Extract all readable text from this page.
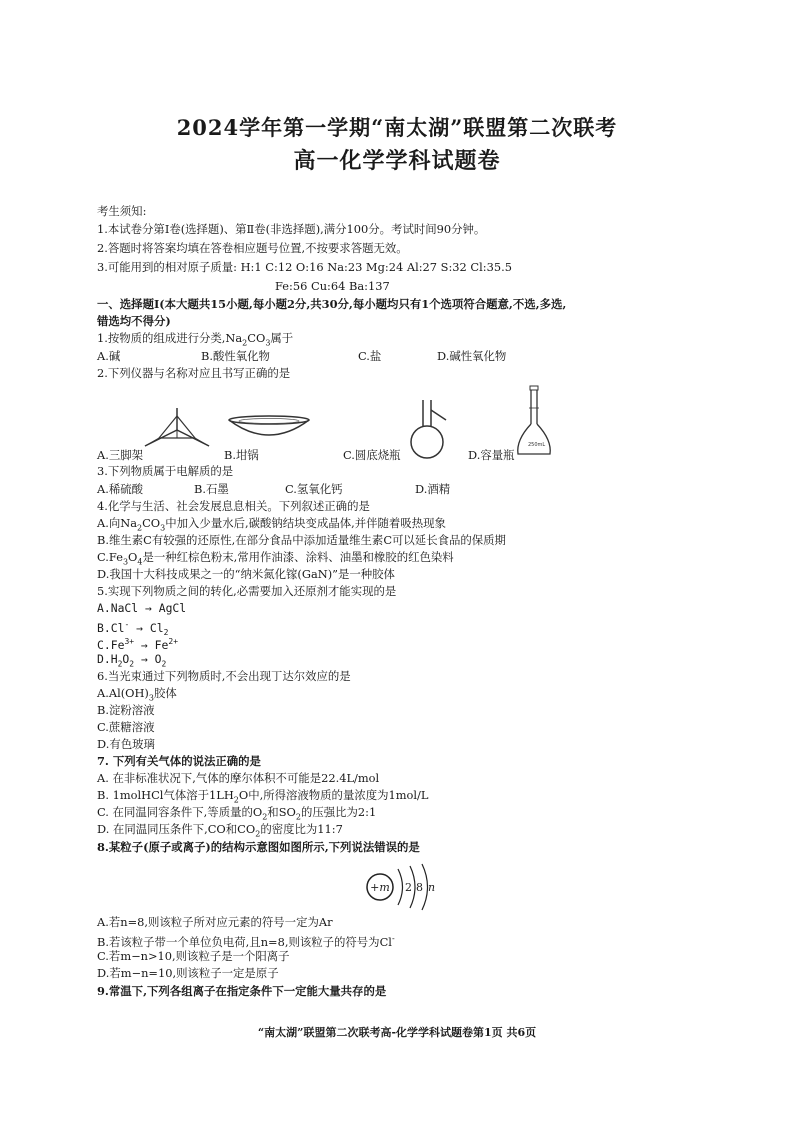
2024学年第一学期“南太湖”联盟第二次联考
高一化学学科试题卷
考生须知:
1.本试卷分第Ⅰ卷(选择题)、第Ⅱ卷(非选择题),满分100分。考试时间90分钟。
2.答题时将答案均填在答卷相应题号位置,不按要求答题无效。
3.可能用到的相对原子质量: H:1 C:12 O:16 Na:23 Mg:24 Al:27 S:32 Cl:35.5
Fe:56 Cu:64 Ba:137
一、选择题Ⅰ(本大题共15小题,每小题2分,共30分,每小题均只有1个选项符合题意,不选,多选,
错选均不得分)
1.按物质的组成进行分类$,Na_2CO_3$属于
A.碱	B.酸性氧化物	C.盐	D.碱性氧化物
2.下列仪器与名称对应且书写正确的是
250mL
A.三脚架	B.坩锅	C.圆底烧瓶	D.容量瓶
3.下列物质属于电解质的是
A.稀硫酸	B.石墨	C.氢氧化钙	D.酒精
4.化学与生活、社会发展息息相关。下列叙述正确的是
A.向$Na_2CO_3$中加入少量水后,碳酸钠结块变成晶体,并伴随着吸热现象
B.维生素C有较强的还原性,在部分食品中添加适量维生素C可以延长食品的保质期
$C.Fe_3O_4$是一种红棕色粉末,常用作油漆、涂料、油墨和橡胶的红色染料
D.我国十大科技成果之一的“纳米氮化镓(GaN)”是一种胶体
5.实现下列物质之间的转化,必需要加入还原剂才能实现的是
A.NaCl → AgCl
$B.Cl^- \to Cl_2$
$C.Fe^{3+} \to Fe^{2+}$
$D.H_2O_2 \to O_2$
6.当光束通过下列物质时,不会出现丁达尔效应的是
$A.Al(OH)_3$胶体
B.淀粉溶液
C.蔗糖溶液
D.有色玻璃
7. 下列有关气体的说法正确的是
A. 在非标准状况下,气体的摩尔体积不可能是22.4L/mol
B. 1molHCl气体溶于$1LH_2O$中,所得溶液物质的量浓度为1mol/L
C. 在同温同容条件下,等质量的$O_2$和$SO_2$的压强比为2:1
D. 在同温同压条件下,CO和$CO_2$的密度比为11:7
8.某粒子(原子或离子)的结构示意图如图所示,下列说法错误的是
+m 2 8 n
A.若n=8,则该粒子所对应元素的符号一定为Ar
B.若该粒子带一个单位负电荷,且n=8,则该粒子的符号为Cl-
C.若m−n>10,则该粒子是一个阳离子
D.若m−n=10,则该粒子一定是原子
9.常温下,下列各组离子在指定条件下一定能大量共存的是
“南太湖”联盟第二次联考高-化学学科试题卷第1页 共6页
